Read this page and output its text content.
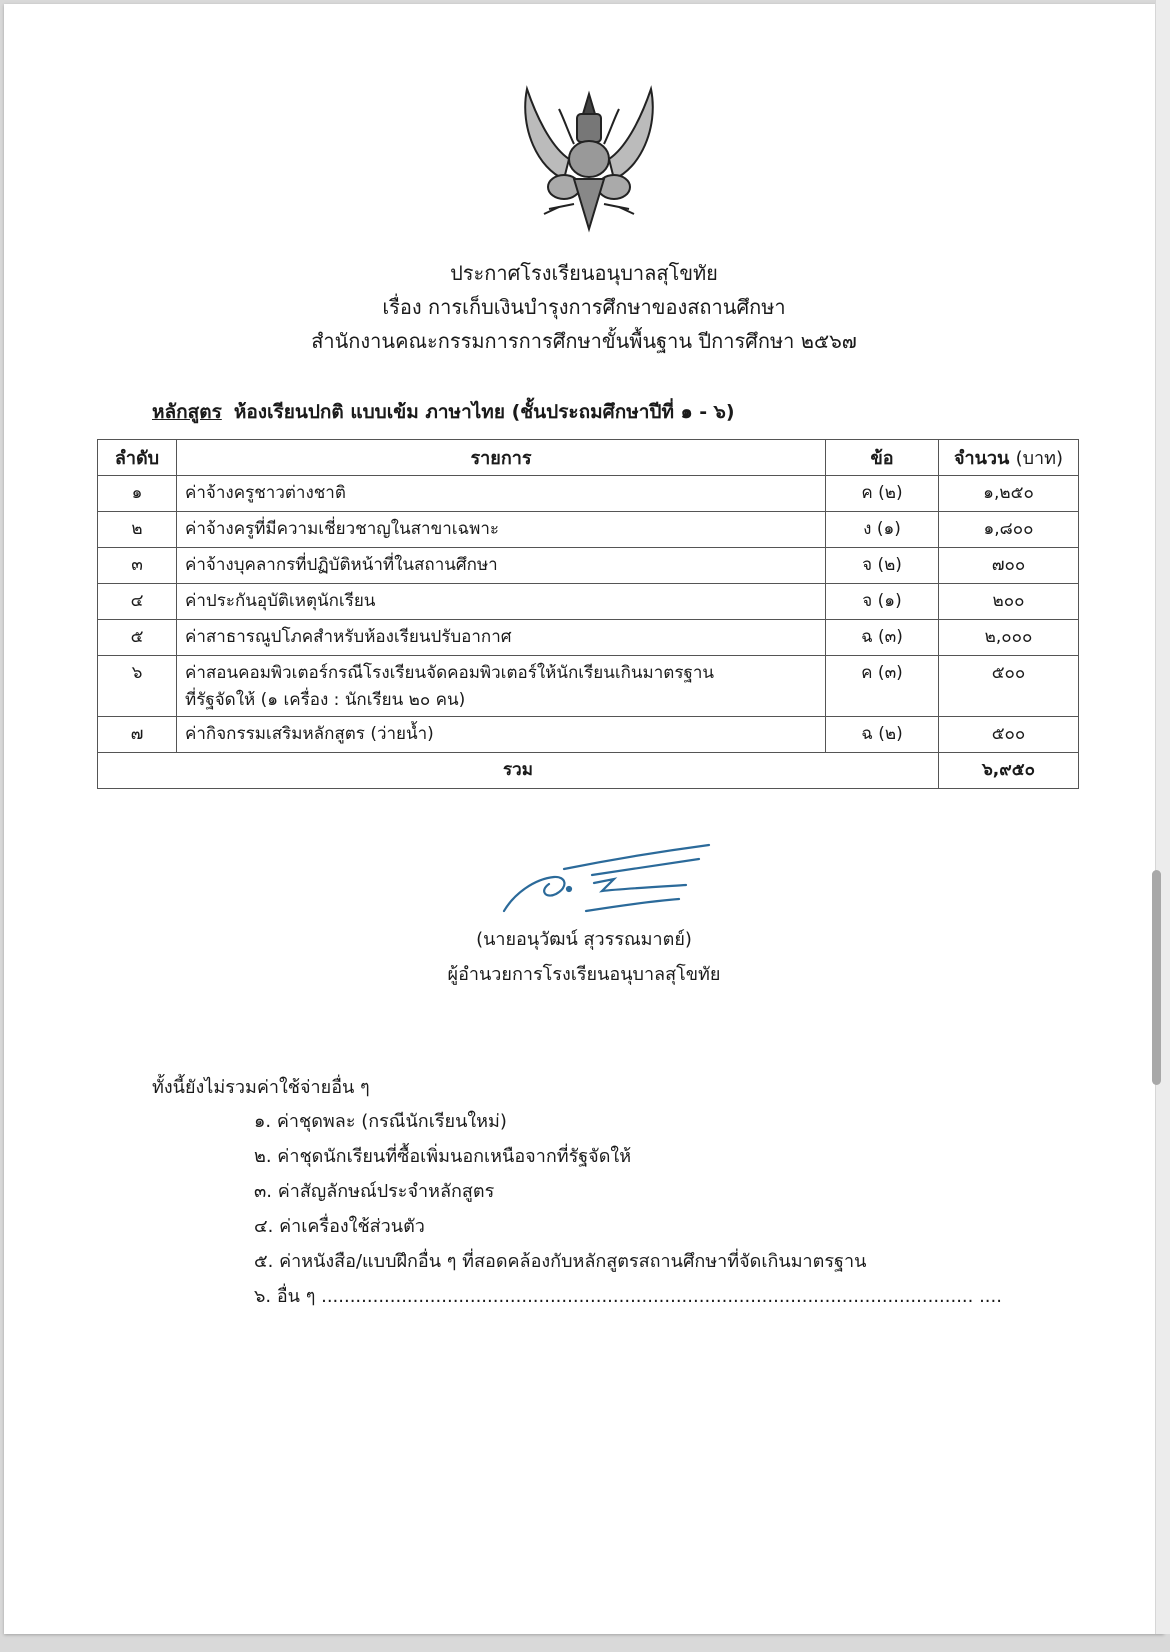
ประกาศโรงเรียนอนุบาลสุโขทัย
เรื่อง การเก็บเงินบำรุงการศึกษาของสถานศึกษา
สำนักงานคณะกรรมการการศึกษาขั้นพื้นฐาน ปีการศึกษา ๒๕๖๗
หลักสูตร ห้องเรียนปกติ แบบเข้ม ภาษาไทย (ชั้นประถมศึกษาปีที่ ๑ - ๖)
ลำดับ	รายการ	ข้อ	จำนวน (บาท)
๑	ค่าจ้างครูชาวต่างชาติ	ค (๒)	๑,๒๕๐
๒	ค่าจ้างครูที่มีความเชี่ยวชาญในสาขาเฉพาะ	ง (๑)	๑,๘๐๐
๓	ค่าจ้างบุคลากรที่ปฏิบัติหน้าที่ในสถานศึกษา	จ (๒)	๗๐๐
๔	ค่าประกันอุบัติเหตุนักเรียน	จ (๑)	๒๐๐
๕	ค่าสาธารณูปโภคสำหรับห้องเรียนปรับอากาศ	ฉ (๓)	๒,๐๐๐
๖	ค่าสอนคอมพิวเตอร์กรณีโรงเรียนจัดคอมพิวเตอร์ให้นักเรียนเกินมาตรฐาน
ที่รัฐจัดให้ (๑ เครื่อง : นักเรียน ๒๐ คน)	ค (๓)	๕๐๐
๗	ค่ากิจกรรมเสริมหลักสูตร (ว่ายน้ำ)	ฉ (๒)	๕๐๐
รวม			๖,๙๕๐
(นายอนุวัฒน์ สุวรรณมาตย์)
ผู้อำนวยการโรงเรียนอนุบาลสุโขทัย
ทั้งนี้ยังไม่รวมค่าใช้จ่ายอื่น ๆ
๑. ค่าชุดพละ (กรณีนักเรียนใหม่)
๒. ค่าชุดนักเรียนที่ซื้อเพิ่มนอกเหนือจากที่รัฐจัดให้
๓. ค่าสัญลักษณ์ประจำหลักสูตร
๔. ค่าเครื่องใช้ส่วนตัว
๕. ค่าหนังสือ/แบบฝึกอื่น ๆ ที่สอดคล้องกับหลักสูตรสถานศึกษาที่จัดเกินมาตรฐาน
๖. อื่น ๆ .................................................................................................................. ....
